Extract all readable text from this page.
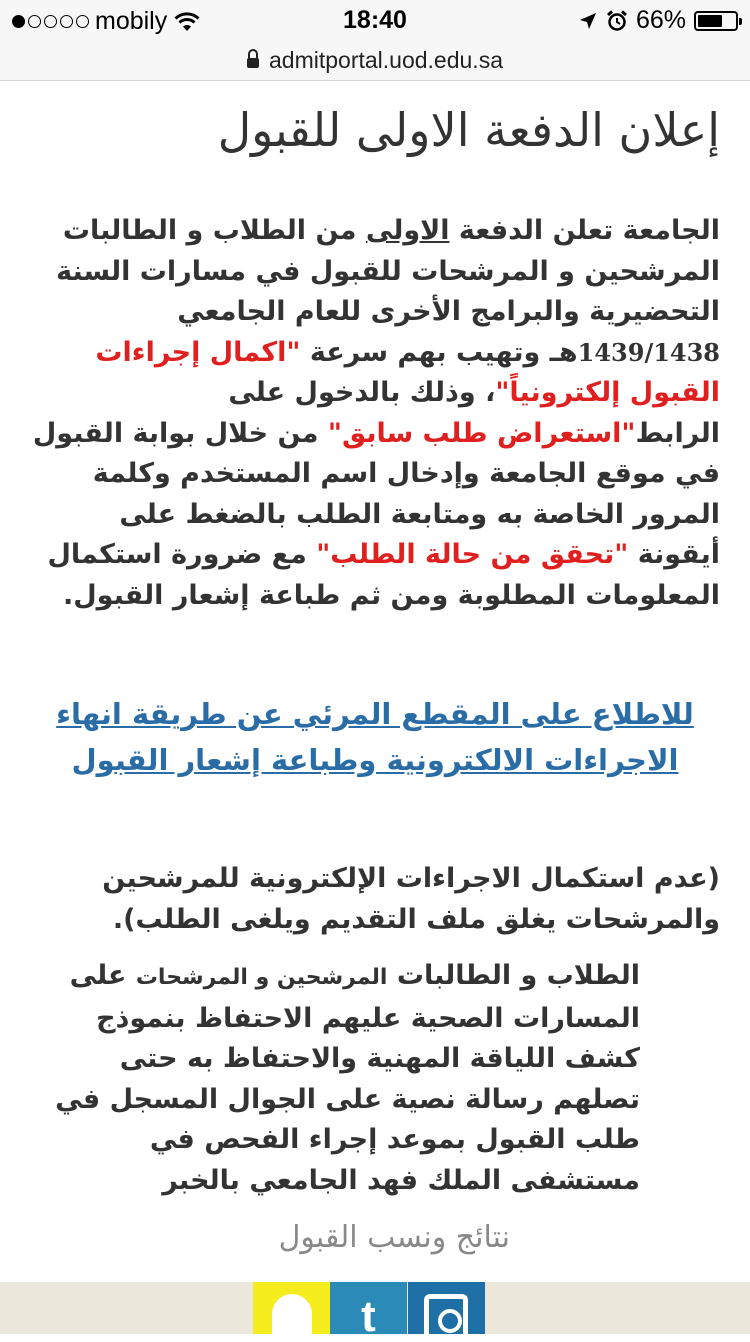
mobily	18:40	66%
admitportal.uod.edu.sa
إعلان الدفعة الاولى للقبول

الجامعة تعلن الدفعة الاولى من الطلاب و الطالبات المرشحين و المرشحات للقبول في مسارات السنة التحضيرية والبرامج الأخرى للعام الجامعي 1439/1438هـ وتهيب بهم سرعة "اكمال إجراءات القبول إلكترونياً"، وذلك بالدخول على الرابط"استعراض طلب سابق" من خلال بوابة القبول في موقع الجامعة وإدخال اسم المستخدم وكلمة المرور الخاصة به ومتابعة الطلب بالضغط على أيقونة "تحقق من حالة الطلب" مع ضرورة استكمال المعلومات المطلوبة ومن ثم طباعة إشعار القبول.

للاطلاع على المقطع المرئي عن طريقة انهاء الاجراءات الالكترونية وطباعة إشعار القبول

(عدم استكمال الاجراءات الإلكترونية للمرشحين والمرشحات يغلق ملف التقديم ويلغى الطلب).

الطلاب و الطالبات المرشحين و المرشحات على المسارات الصحية عليهم الاحتفاظ بنموذج كشف اللياقة المهنية والاحتفاظ به حتى تصلهم رسالة نصية على الجوال المسجل في طلب القبول بموعد إجراء الفحص في مستشفى الملك فهد الجامعي بالخبر

نتائج ونسب القبول

t
